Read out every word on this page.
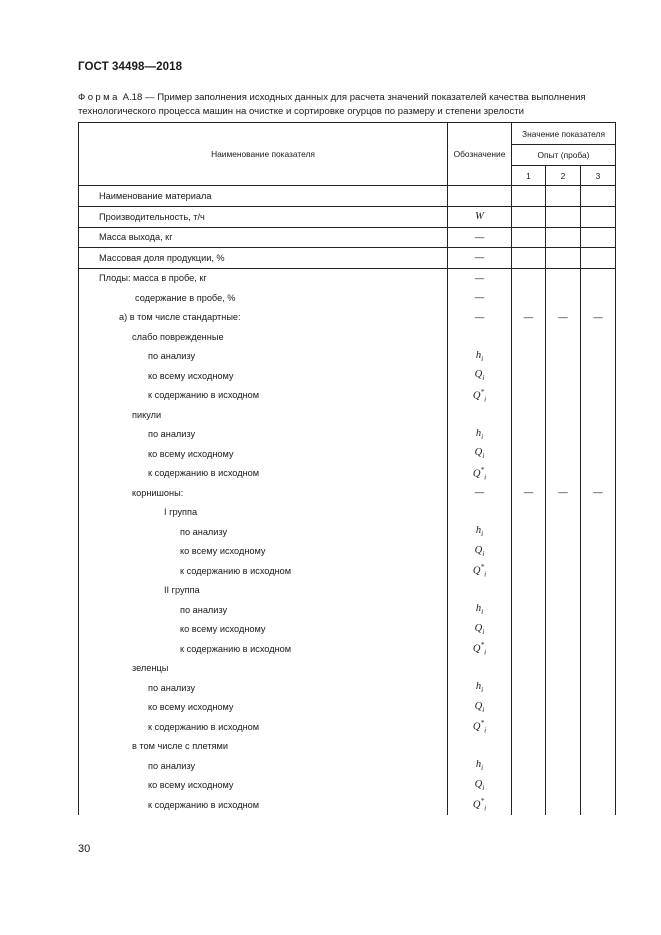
ГОСТ 34498—2018
Форма А.18 — Пример заполнения исходных данных для расчета значений показателей качества выполнения технологического процесса машин на очистке и сортировке огурцов по размеру и степени зрелости
Наименование показателя	Обозначение	Значение показателя		
		Опыт (проба)		
		1	2	3
Наименование материала				
Производительность, т/ч	W			
Масса выхода, кг	—			
Массовая доля продукции, %	—			
Плоды: масса в пробе, кг	—			
содержание в пробе, %	—			
а) в том числе стандартные:	—	—	—	—
слабо поврежденные				
по анализу	$h_i$			
ко всему исходному	$Q_i$			
к содержанию в исходном	$Q^*_i$			
пикули				
по анализу	$h_i$			
ко всему исходному	$Q_i$			
к содержанию в исходном	$Q^*_i$			
корнишоны:	—	—	—	—
I группа				
по анализу	$h_i$			
ко всему исходному	$Q_i$			
к содержанию в исходном	$Q^*_i$			
II группа				
по анализу	$h_i$			
ко всему исходному	$Q_i$			
к содержанию в исходном	$Q^*_i$			
зеленцы				
по анализу	$h_i$			
ко всему исходному	$Q_i$			
к содержанию в исходном	$Q^*_i$			
в том числе с плетями				
по анализу	$h_i$			
ко всему исходному	$Q_i$			
к содержанию в исходном	$Q^*_i$			
30
